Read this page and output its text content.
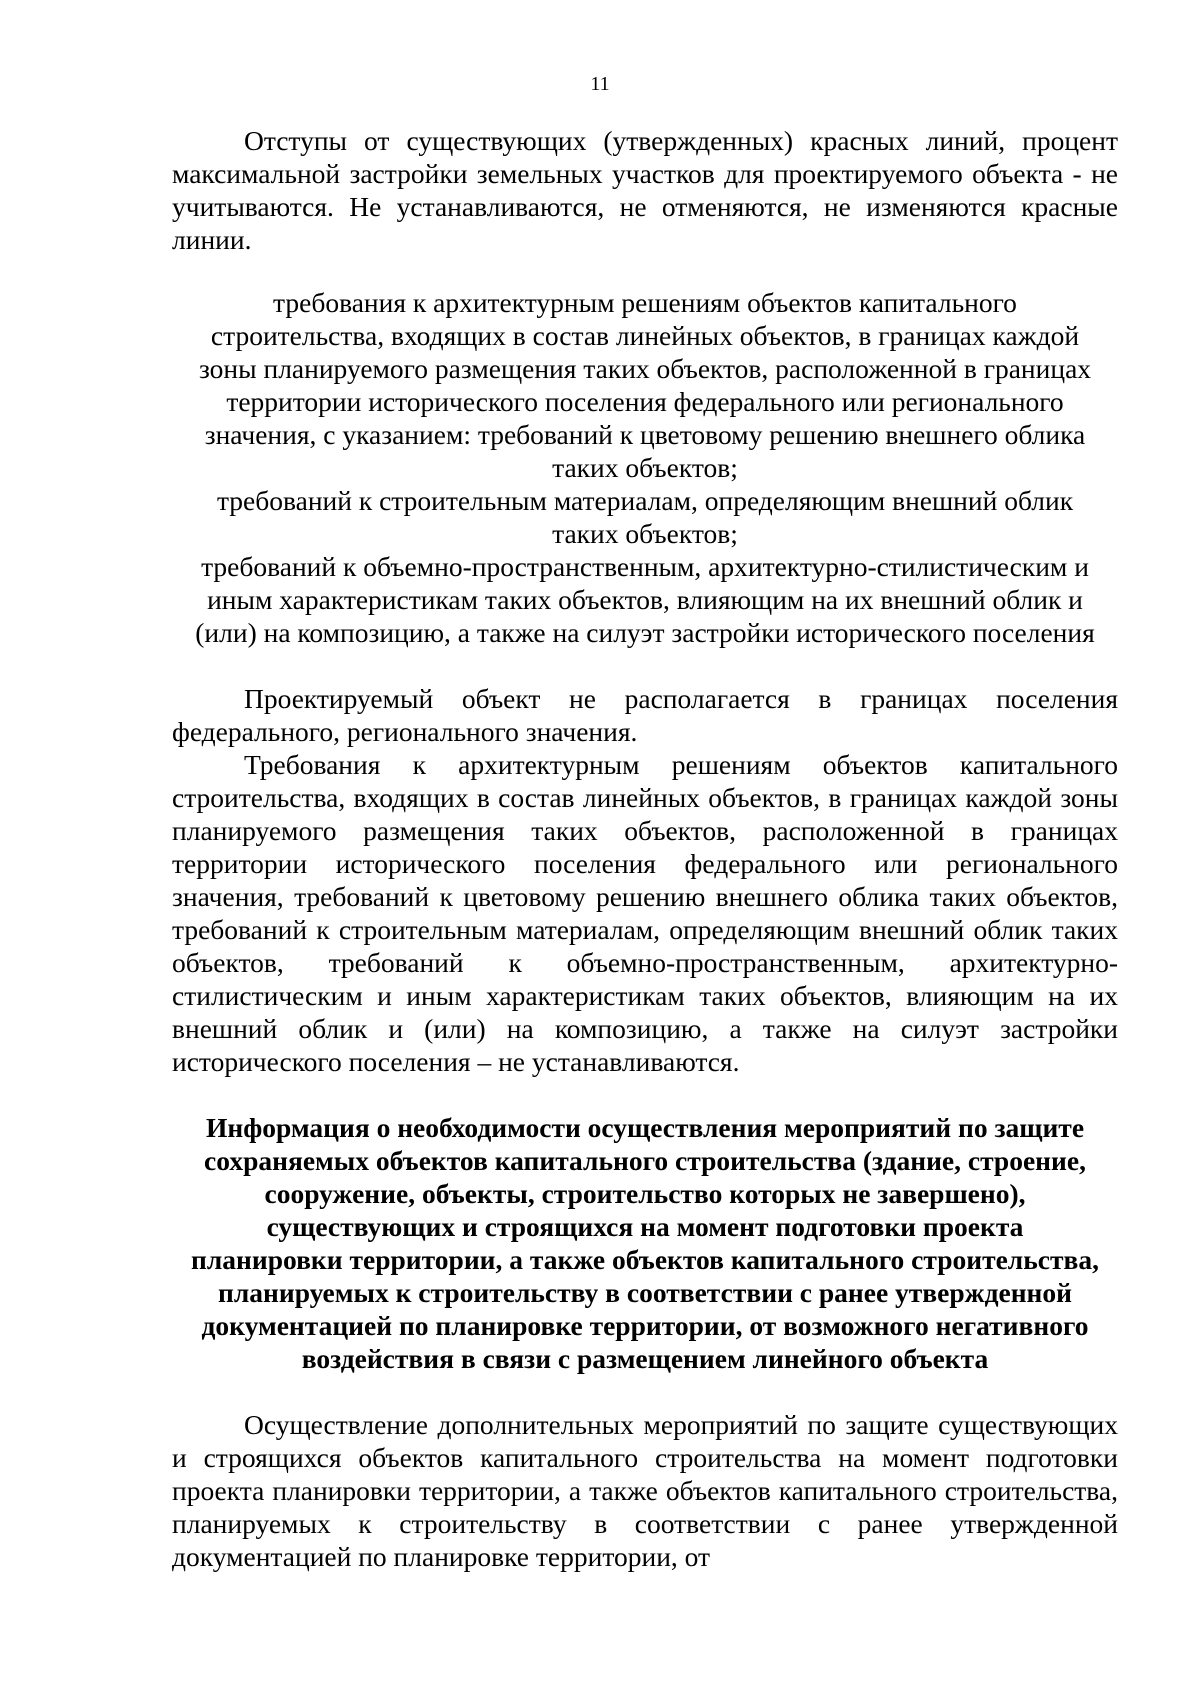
11

Отступы от существующих (утвержденных) красных линий, процент максимальной застройки земельных участков для проектируемого объекта - не учитываются. Не устанавливаются, не отменяются, не изменяются красные линии.

требования к архитектурным решениям объектов капитального
строительства, входящих в состав линейных объектов, в границах каждой
зоны планируемого размещения таких объектов, расположенной в границах
территории исторического поселения федерального или регионального
значения, с указанием: требований к цветовому решению внешнего облика
таких объектов;
требований к строительным материалам, определяющим внешний облик
таких объектов;
требований к объемно-пространственным, архитектурно-стилистическим и
иным характеристикам таких объектов, влияющим на их внешний облик и
(или) на композицию, а также на силуэт застройки исторического поселения

Проектируемый объект не располагается в границах поселения федерального, регионального значения.

Требования к архитектурным решениям объектов капитального строительства, входящих в состав линейных объектов, в границах каждой зоны планируемого размещения таких объектов, расположенной в границах территории исторического поселения федерального или регионального значения, требований к цветовому решению внешнего облика таких объектов, требований к строительным материалам, определяющим внешний облик таких объектов, требований к объемно-пространственным, архитектурно-стилистическим и иным характеристикам таких объектов, влияющим на их внешний облик и (или) на композицию, а также на силуэт застройки исторического поселения – не устанавливаются.

Информация о необходимости осуществления мероприятий по защите
сохраняемых объектов капитального строительства (здание, строение,
сооружение, объекты, строительство которых не завершено),
существующих и строящихся на момент подготовки проекта
планировки территории, а также объектов капитального строительства,
планируемых к строительству в соответствии с ранее утвержденной
документацией по планировке территории, от возможного негативного
воздействия в связи с размещением линейного объекта

Осуществление дополнительных мероприятий по защите существующих и строящихся объектов капитального строительства на момент подготовки проекта планировки территории, а также объектов капитального строительства, планируемых к строительству в соответствии с ранее утвержденной документацией по планировке территории, от
